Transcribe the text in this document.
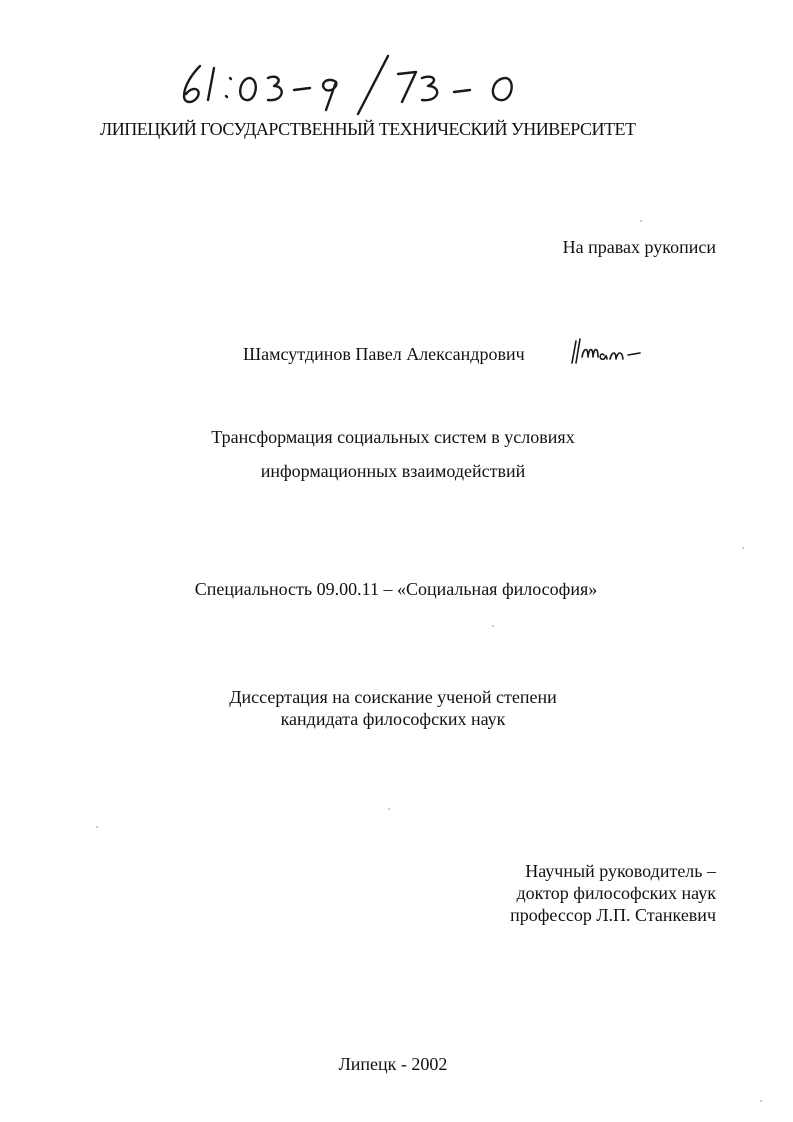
ЛИПЕЦКИЙ ГОСУДАРСТВЕННЫЙ ТЕХНИЧЕСКИЙ УНИВЕРСИТЕТ
На правах рукописи
Шамсутдинов Павел Александрович
Трансформация социальных систем в условиях
информационных взаимодействий
Специальность 09.00.11 – «Социальная философия»
Диссертация на соискание ученой степени
кандидата философских наук
Научный руководитель –
доктор философских наук
профессор Л.П. Станкевич
Липецк - 2002
